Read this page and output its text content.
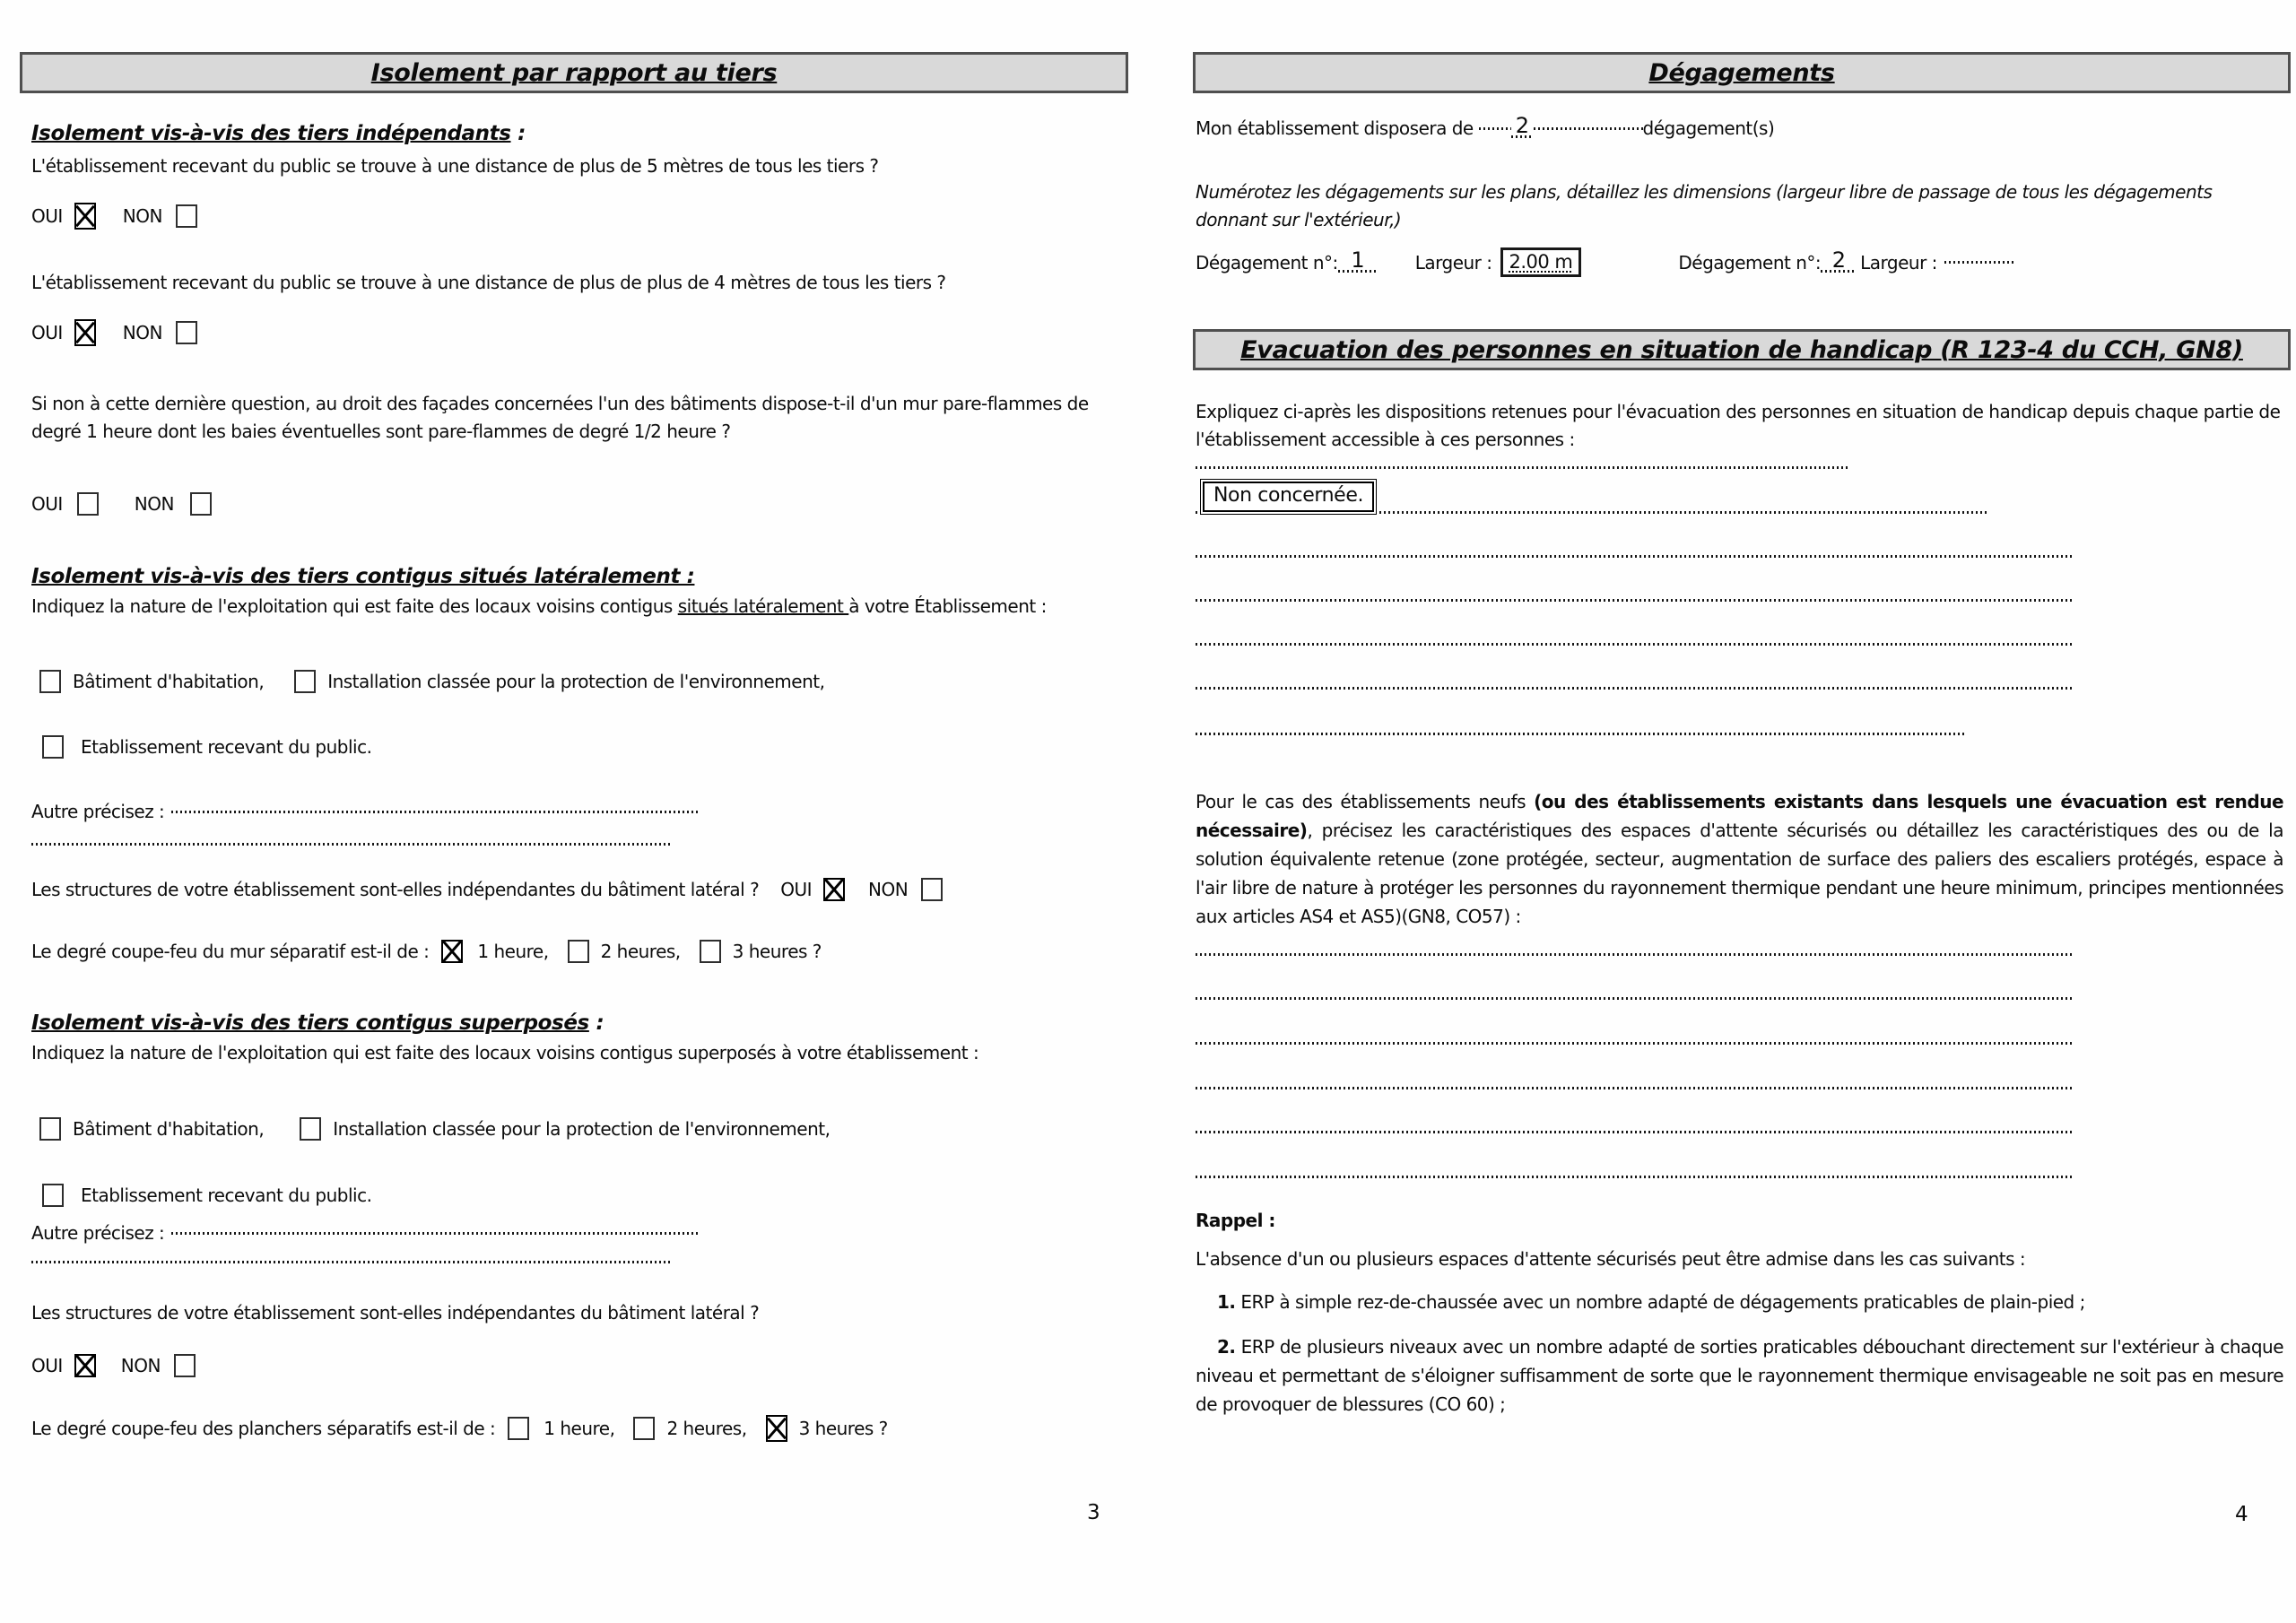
Isolement par rapport au tiers
Isolement vis-à-vis des tiers indépendants :
L'établissement recevant du public se trouve à une distance de plus de 5 mètres de tous les tiers ?
OUI	NON
L'établissement recevant du public se trouve à une distance de plus de plus de 4 mètres de tous les tiers ?
OUI	NON
Si non à cette dernière question, au droit des façades concernées l'un des bâtiments dispose-t-il d'un mur pare-flammes de degré 1 heure dont les baies éventuelles sont pare-flammes de degré 1/2 heure ?
OUI	NON
Isolement vis-à-vis des tiers contigus situés latéralement :
Indiquez la nature de l'exploitation qui est faite des locaux voisins contigus situés latéralement à votre Établissement :
Bâtiment d'habitation,	Installation classée pour la protection de l'environnement,
Etablissement recevant du public.
Autre précisez :
Les structures de votre établissement sont-elles indépendantes du bâtiment latéral ? OUI	NON
Le degré coupe-feu du mur séparatif est-il de :	1 heure,	2 heures,	3 heures ?
Isolement vis-à-vis des tiers contigus superposés :
Indiquez la nature de l'exploitation qui est faite des locaux voisins contigus superposés à votre établissement :
Bâtiment d'habitation,	Installation classée pour la protection de l'environnement,
Etablissement recevant du public.
Autre précisez :
Les structures de votre établissement sont-elles indépendantes du bâtiment latéral ?
OUI	NON
Le degré coupe-feu des planchers séparatifs est-il de :	1 heure,	2 heures,	3 heures ?
3
Dégagements
Mon établissement disposera de 2	dégagement(s)
Numérotez les dégagements sur les plans, détaillez les dimensions (largeur libre de passage de tous les dégagements donnant sur l'extérieur,)
Dégagement n°: 1	Largeur : 2.00 m	Dégagement n°: 2 Largeur :
Evacuation des personnes en situation de handicap (R 123-4 du CCH, GN8)
Expliquez ci-après les dispositions retenues pour l'évacuation des personnes en situation de handicap depuis chaque partie de l'établissement accessible à ces personnes :
Non concernée.
Pour le cas des établissements neufs (ou des établissements existants dans lesquels une évacuation est rendue nécessaire), précisez les caractéristiques des espaces d'attente sécurisés ou détaillez les caractéristiques des ou de la solution équivalente retenue (zone protégée, secteur, augmentation de surface des paliers des escaliers protégés, espace à l'air libre de nature à protéger les personnes du rayonnement thermique pendant une heure minimum, principes mentionnées aux articles AS4 et AS5)(GN8, CO57) :
Rappel :
L'absence d'un ou plusieurs espaces d'attente sécurisés peut être admise dans les cas suivants :
1. ERP à simple rez-de-chaussée avec un nombre adapté de dégagements praticables de plain-pied ;
2. ERP de plusieurs niveaux avec un nombre adapté de sorties praticables débouchant directement sur l'extérieur à chaque niveau et permettant de s'éloigner suffisamment de sorte que le rayonnement thermique envisageable ne soit pas en mesure de provoquer de blessures (CO 60) ;
4
